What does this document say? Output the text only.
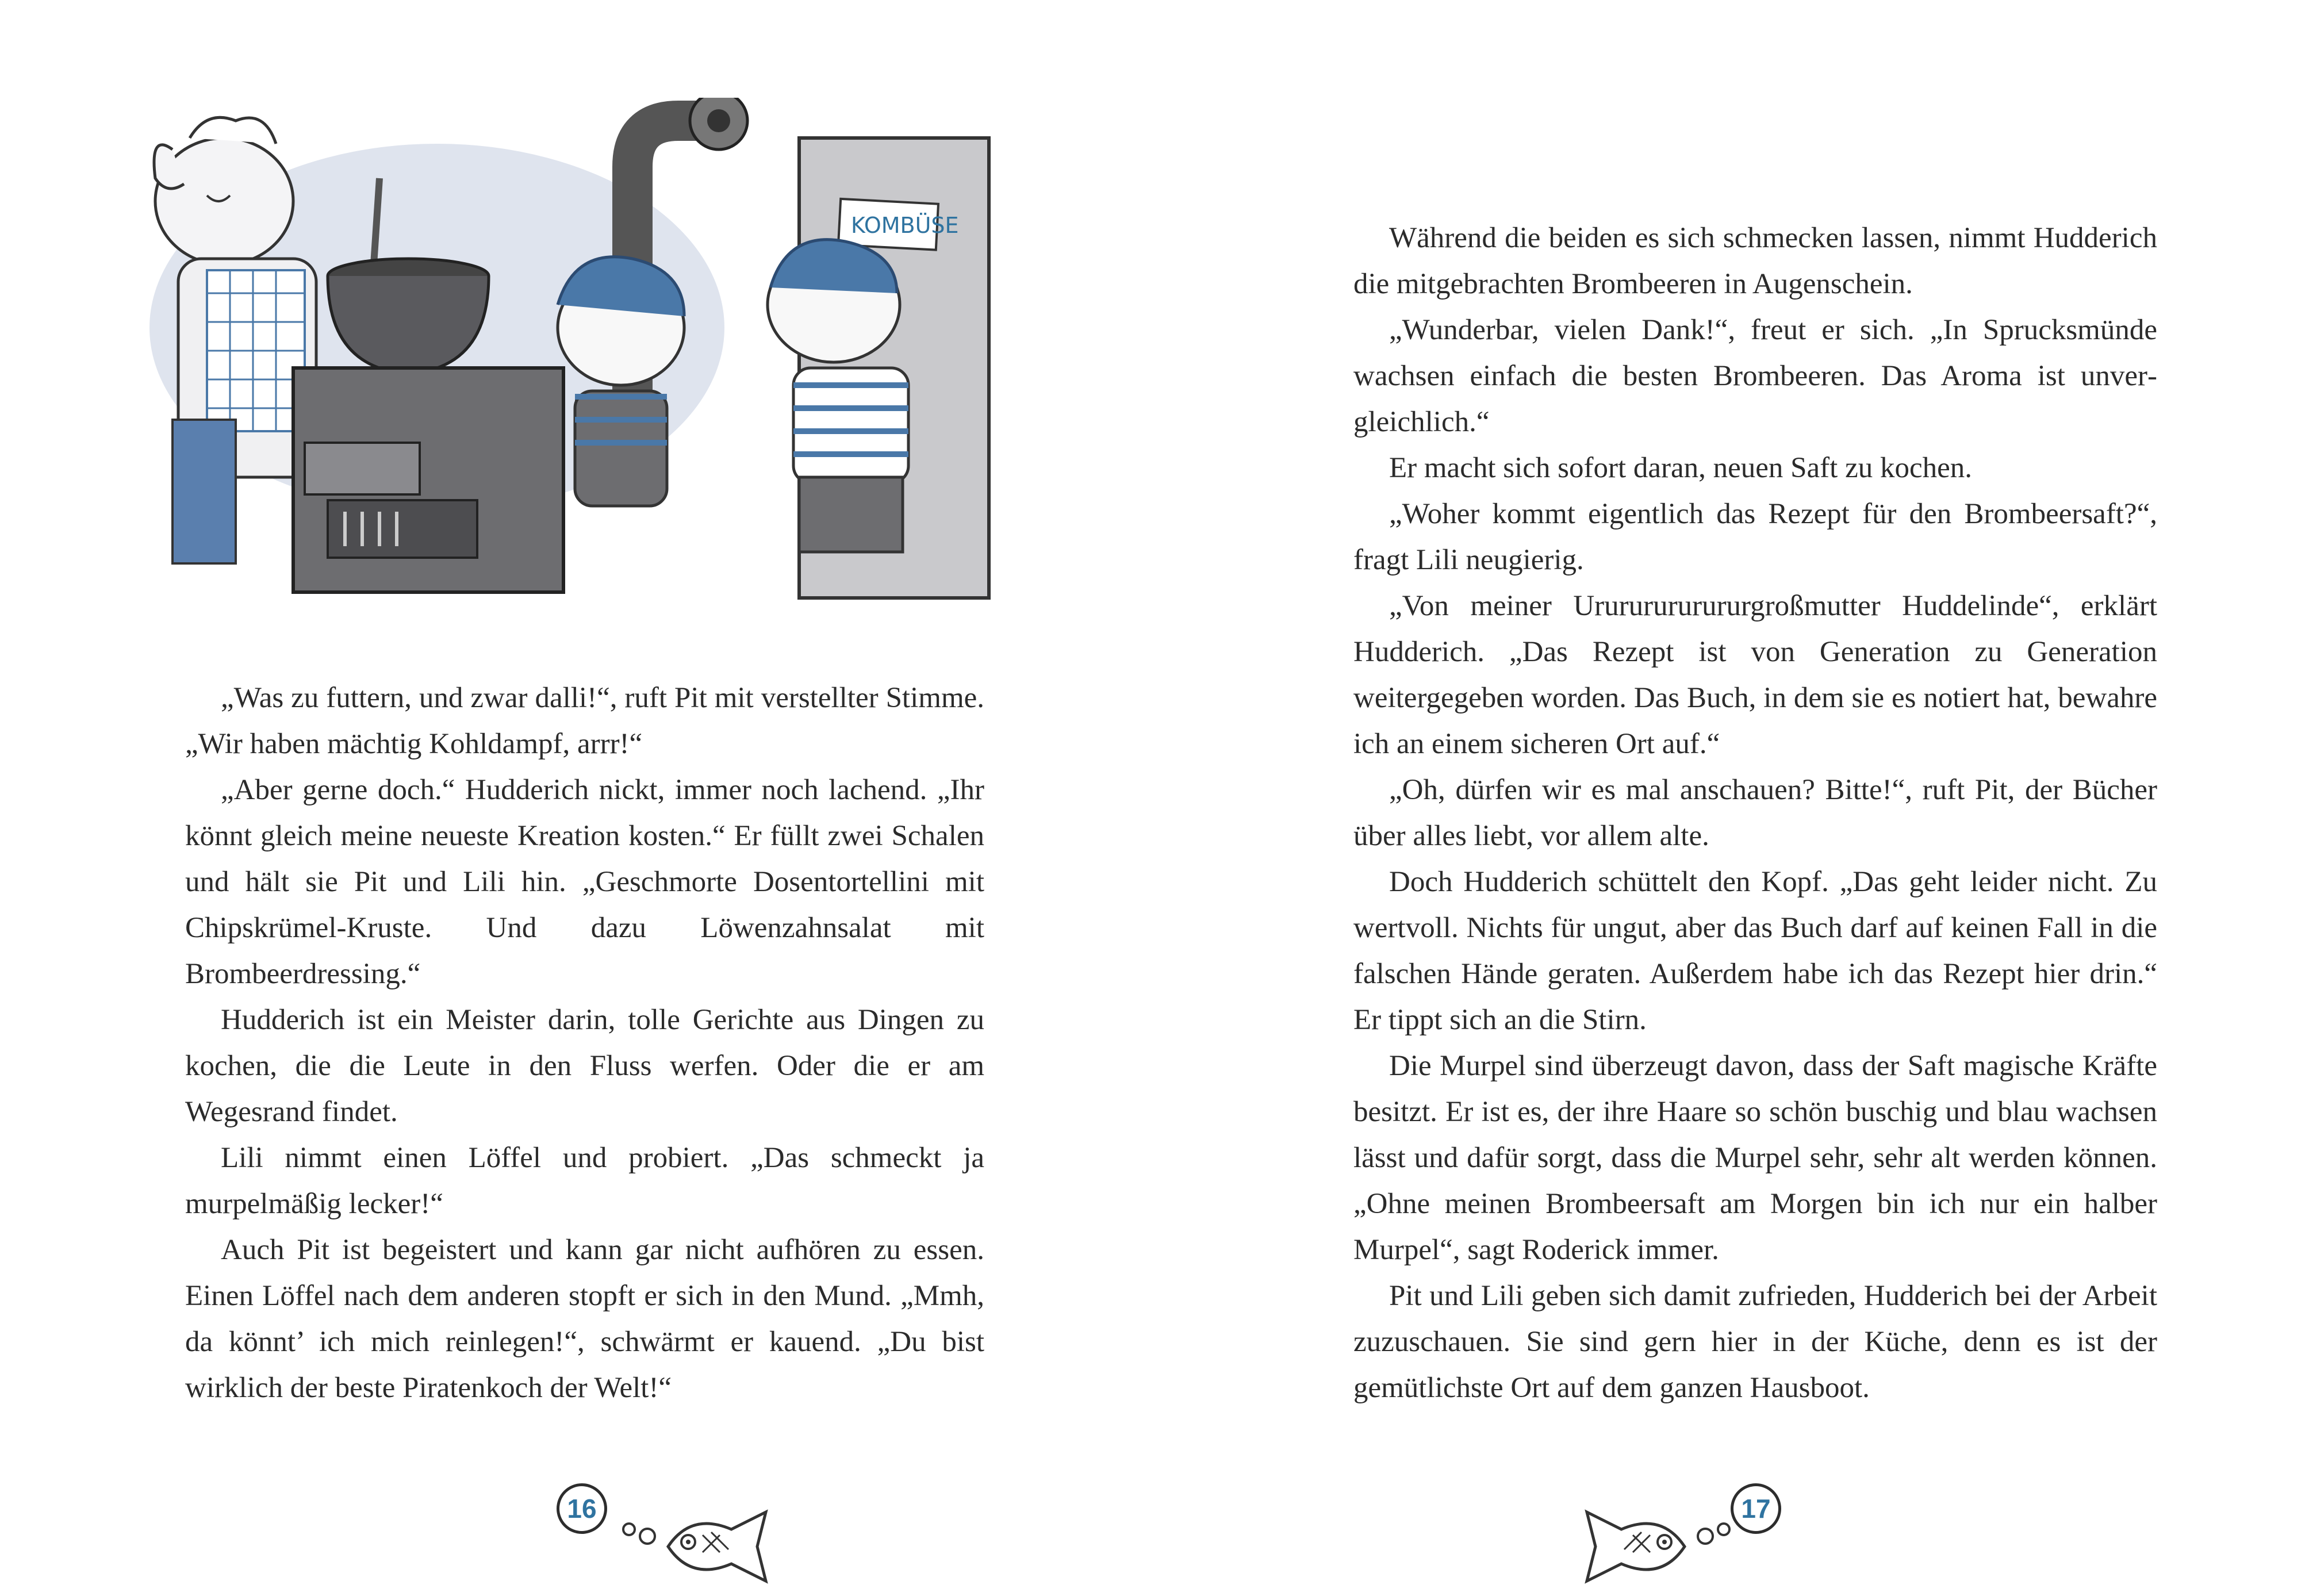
KOMBÜSE

„Was zu futtern, und zwar dalli!“, ruft Pit mit verstellter Stimme. „Wir haben mächtig Kohldampf, arrr!“

„Aber gerne doch.“ Hudderich nickt, immer noch lachend. „Ihr könnt gleich meine neueste Kreation kosten.“ Er füllt zwei Schalen und hält sie Pit und Lili hin. „Geschmorte Dosentortellini mit Chipskrümel-Kruste. Und dazu Löwenzahnsalat mit Brombeerdressing.“

Hudderich ist ein Meister darin, tolle Gerichte aus Dingen zu kochen, die die Leute in den Fluss werfen. Oder die er am Wegesrand findet.

Lili nimmt einen Löffel und probiert. „Das schmeckt ja murpelmäßig lecker!“

Auch Pit ist begeistert und kann gar nicht aufhören zu essen. Einen Löffel nach dem anderen stopft er sich in den Mund. „Mmh, da könnt’ ich mich reinlegen!“, schwärmt er kauend. „Du bist wirklich der beste Piratenkoch der Welt!“

16

Während die beiden es sich schmecken lassen, nimmt Hudderich die mitgebrachten Brombeeren in Augenschein.

„Wunderbar, vielen Dank!“, freut er sich. „In Sprucksmünde wachsen einfach die besten Brombeeren. Das Aroma ist unvergleichlich.“

Er macht sich sofort daran, neuen Saft zu kochen.

„Woher kommt eigentlich das Rezept für den Brombeersaft?“, fragt Lili neugierig.

„Von meiner Urururururururgroßmutter Huddelinde“, erklärt Hudderich. „Das Rezept ist von Generation zu Generation weitergegeben worden. Das Buch, in dem sie es notiert hat, bewahre ich an einem sicheren Ort auf.“

„Oh, dürfen wir es mal anschauen? Bitte!“, ruft Pit, der Bücher über alles liebt, vor allem alte.

Doch Hudderich schüttelt den Kopf. „Das geht leider nicht. Zu wertvoll. Nichts für ungut, aber das Buch darf auf keinen Fall in die falschen Hände geraten. Außerdem habe ich das Rezept hier drin.“ Er tippt sich an die Stirn.

Die Murpel sind überzeugt davon, dass der Saft magische Kräfte besitzt. Er ist es, der ihre Haare so schön buschig und blau wachsen lässt und dafür sorgt, dass die Murpel sehr, sehr alt werden können. „Ohne meinen Brombeersaft am Morgen bin ich nur ein halber Murpel“, sagt Roderick immer.

Pit und Lili geben sich damit zufrieden, Hudderich bei der Arbeit zuzuschauen. Sie sind gern hier in der Küche, denn es ist der gemütlichste Ort auf dem ganzen Hausboot.

17
